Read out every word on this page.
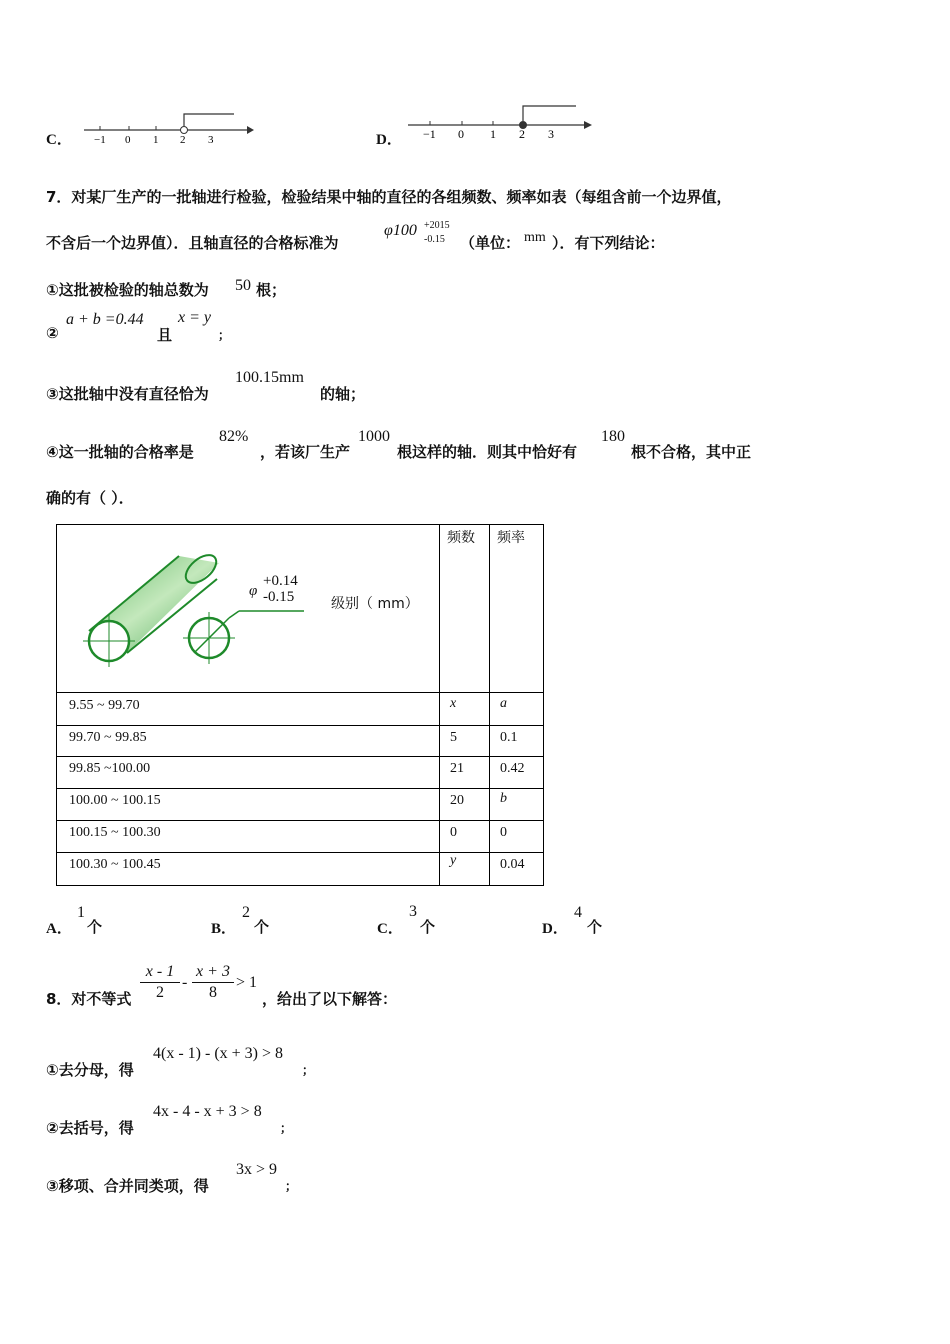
C． −1 0 1 2 3	D． −1 0 1 2 3
7．对某厂生产的一批轴进行检验，检验结果中轴的直径的各组频数、频率如表（每组含前一个边界值，
不含后一个边界值）．且轴直径的合格标准为
φ100 +2015
-0.15 （单位： mm ）．有下列结论：
①这批被检验的轴总数为 50 根；
②
a + b =0.44
且
x = y
；
③这批轴中没有直径恰为
100.15mm
的轴；
④这一批轴的合格率是
82%
，若该厂生产
1000
根这样的轴．则其中恰好有
180
根不合格，其中正
确的有（ ）．
φ
+0.14
-0.15	级别（ mm）
频数 频率
9.55 ~ 99.70	x	a
99.70 ~ 99.85	5	0.1
99.85 ~100.00	21	0.42
100.00 ~ 100.15	20	b
100.15 ~ 100.30	0	0
100.30 ~ 100.45	y	0.04
A．
1
个	B．
2
个	C．
3
个	D．
4
个
8．对不等式
x - 1
2
-
x + 3
8
> 1
，给出了以下解答：
①去分母，得
4(x - 1) - (x + 3) > 8
；
②去括号，得
4x - 4 - x + 3 > 8
；
③移项、合并同类项，得
3x > 9
；
